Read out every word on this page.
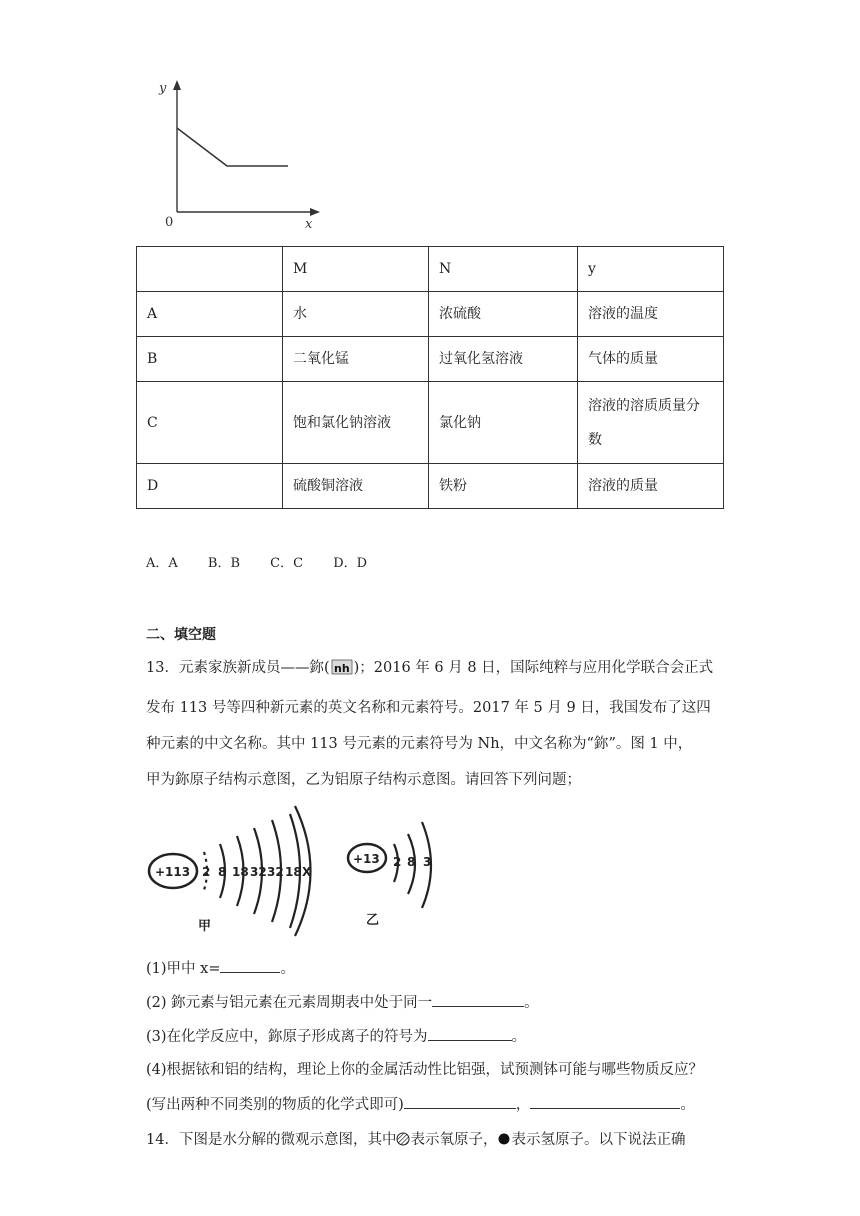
y
x
0
	M	N	y
A	水	浓硫酸	溶液的温度
B	二氧化锰	过氧化氢溶液	气体的质量
C	饱和氯化钠溶液	氯化钠	溶液的溶质质量分数
D	硫酸铜溶液	铁粉	溶液的质量
A．A B．B C．C D．D
二、填空题
13．元素家族新成员——鉨( nh )；2016 年 6 月 8 日，国际纯粹与应用化学联合会正式
发布 113 号等四种新元素的英文名称和元素符号。2017 年 5 月 9 日，我国发布了这四
种元素的中文名称。其中 113 号元素的元素符号为 Nh，中文名称为“鉨”。图 1 中，
甲为鉨原子结构示意图，乙为铝原子结构示意图。请回答下列问题；
+113 2 8 18 32 32 18 X
甲
+13 2 8 3
乙
(1)甲中 x=	。
(2) 鉨元素与铝元素在元素周期表中处于同一	。
(3)在化学反应中，鉨原子形成离子的符号为	。
(4)根据铱和铝的结构，理论上你的金属活动性比铝强，试预测钵可能与哪些物质反应？
(写出两种不同类别的物质的化学式即可)	，	。
14．下图是水分解的微观示意图，其中 表示氧原子， 表示氢原子。以下说法正确
